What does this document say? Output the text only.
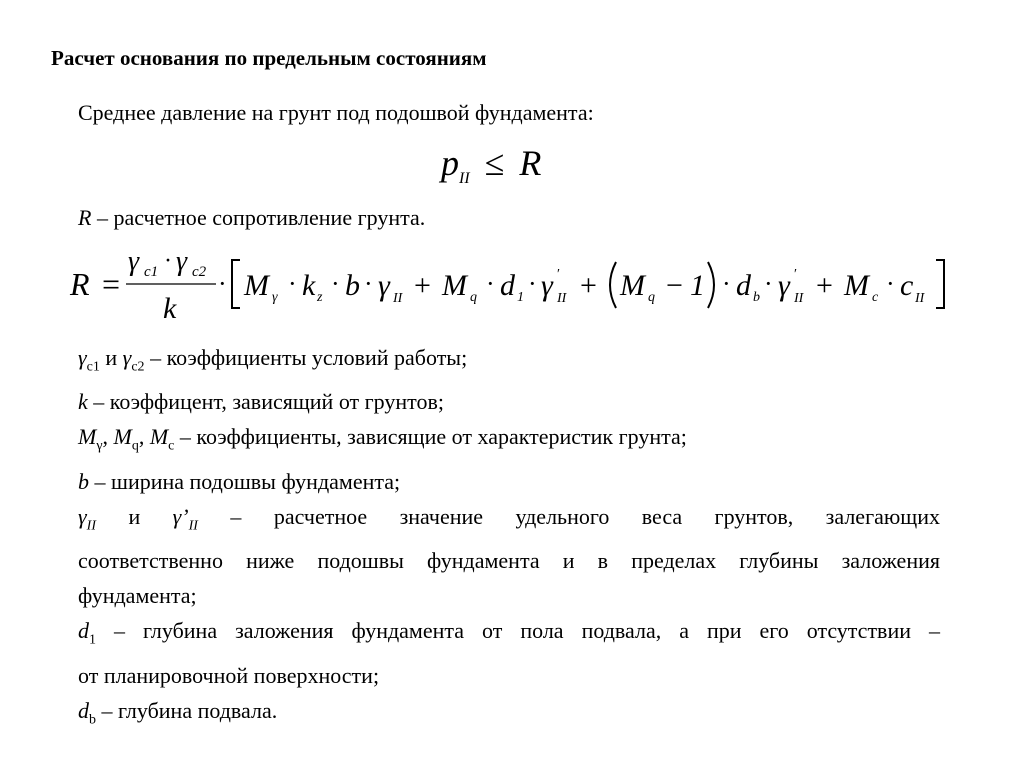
Расчет основания по предельным состояниям
Среднее давление на грунт под подошвой фундамента:
$p_{II} \le R$
R – расчетное сопротивление грунта.
R =
γ c1 · γ c2
k
· M γ · k z · b · γ II + M q · d 1 · γ ′
II + M q − 1 · d b · γ ′
II + M c · c II

$\gamma_{c1}$ и $\gamma_{c2}$ – коэффициенты условий работы;

k – коэффицент, зависящий от грунтов;

$M_\gamma$, $M_q$, $M_c$ – коэффициенты, зависящие от характеристик грунта;

b – ширина подошвы фундамента;

$\gamma_{II}$ и $\gamma’_{II}$ – расчетное значение удельного веса грунтов, залегающих

соответственно ниже подошвы фундамента и в пределах глубины заложения

фундамента;

$d_1$ – глубина заложения фундамента от пола подвала, а при его отсутствии –

от планировочной поверхности;

$d_b$ – глубина подвала.
